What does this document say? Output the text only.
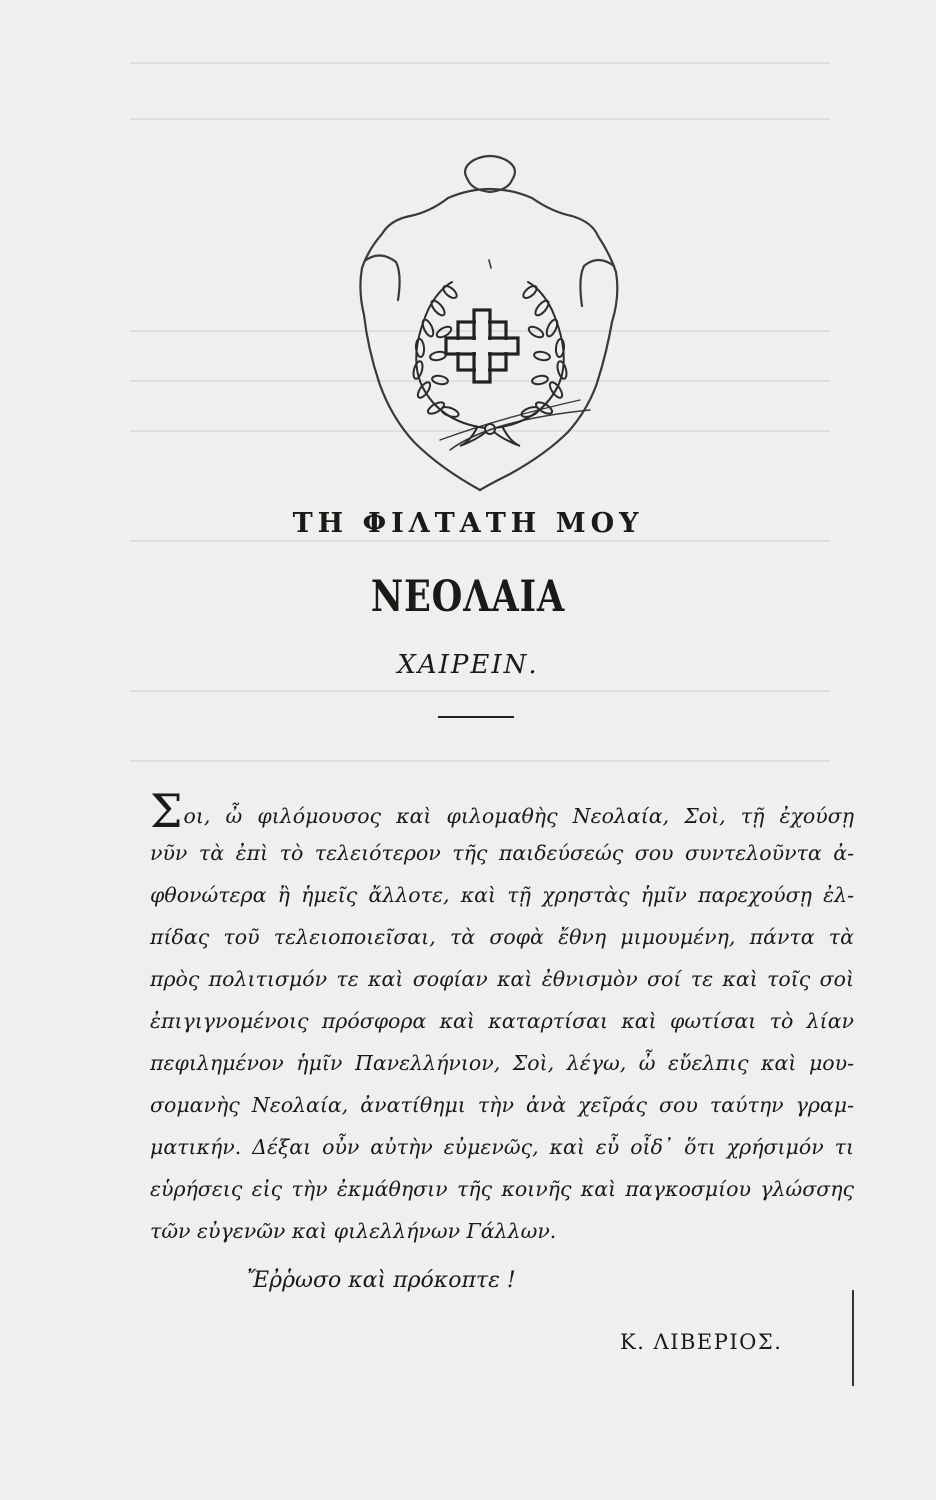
ΤΗ ΦΙΛΤΑΤΗ ΜΟΥ
ΝΕΟΛΑΙΑ
ΧΑΙΡΕΙΝ.
Σοι, ὦ φιλόμουσος καὶ φιλομαθὴς Νεολαία, Σοὶ, τῇ ἐχούσῃ
νῦν τὰ ἐπὶ τὸ τελειότερον τῆς παιδεύσεώς σου συντελοῦντα ἀ-
φθονώτερα ἢ ἡμεῖς ἄλλοτε, καὶ τῇ χρηστὰς ἡμῖν παρεχούσῃ ἐλ-
πίδας τοῦ τελειοποιεῖσαι, τὰ σοφὰ ἔθνη μιμουμένη, πάντα τὰ
πρὸς πολιτισμόν τε καὶ σοφίαν καὶ ἐθνισμὸν σοί τε καὶ τοῖς σοὶ
ἐπιγιγνομένοις πρόσφορα καὶ καταρτίσαι καὶ φωτίσαι τὸ λίαν
πεφιλημένον ἡμῖν Πανελλήνιον, Σοὶ, λέγω, ὦ εὔελπις καὶ μου-
σομανὴς Νεολαία, ἀνατίθημι τὴν ἀνὰ χεῖράς σου ταύτην γραμ-
ματικήν. Δέξαι οὖν αὐτὴν εὐμενῶς, καὶ εὖ οἶδ᾽ ὅτι χρήσιμόν τι
εὑρήσεις εἰς τὴν ἐκμάθησιν τῆς κοινῆς καὶ παγκοσμίου γλώσσης
τῶν εὐγενῶν καὶ φιλελλήνων Γάλλων.
Ἔῤῥωσο καὶ πρόκοπτε !
Κ. ΛΙΒΕΡΙΟΣ.
